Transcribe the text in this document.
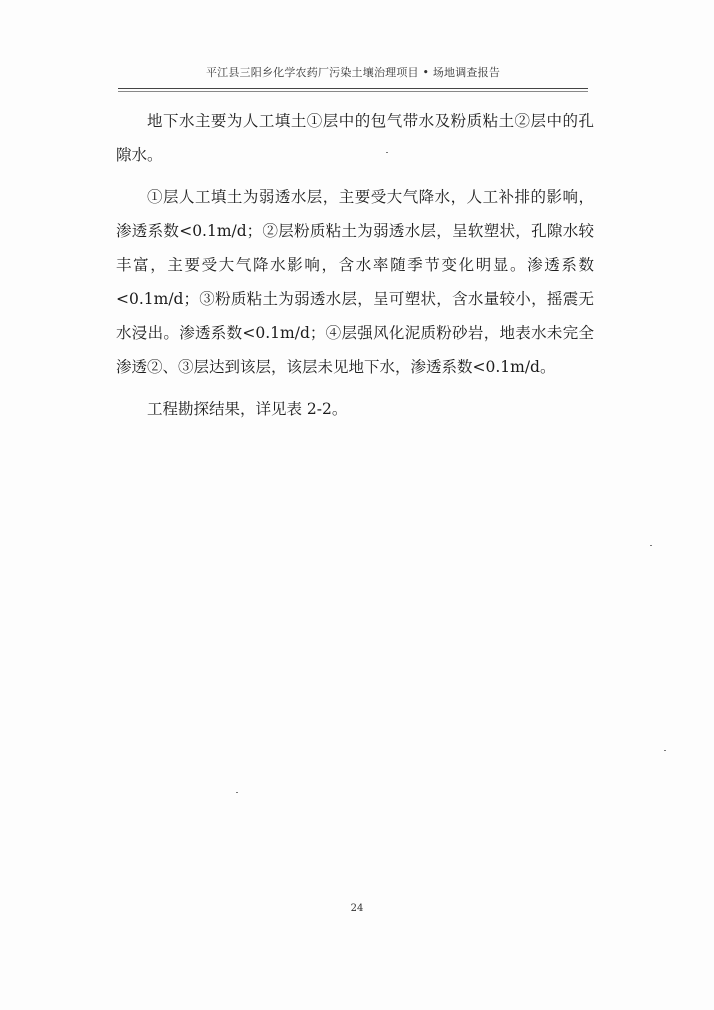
平江县三阳乡化学农药厂污染土壤治理项目 • 场地调查报告

地下水主要为人工填土①层中的包气带水及粉质粘土②层中的孔隙水。

①层人工填土为弱透水层，主要受大气降水，人工补排的影响，渗透系数<0.1m/d；②层粉质粘土为弱透水层，呈软塑状，孔隙水较丰富，主要受大气降水影响，含水率随季节变化明显。渗透系数<0.1m/d；③粉质粘土为弱透水层，呈可塑状，含水量较小，摇震无水浸出。渗透系数<0.1m/d；④层强风化泥质粉砂岩，地表水未完全渗透②、③层达到该层，该层未见地下水，渗透系数<0.1m/d。

工程勘探结果，详见表 2-2。

24
